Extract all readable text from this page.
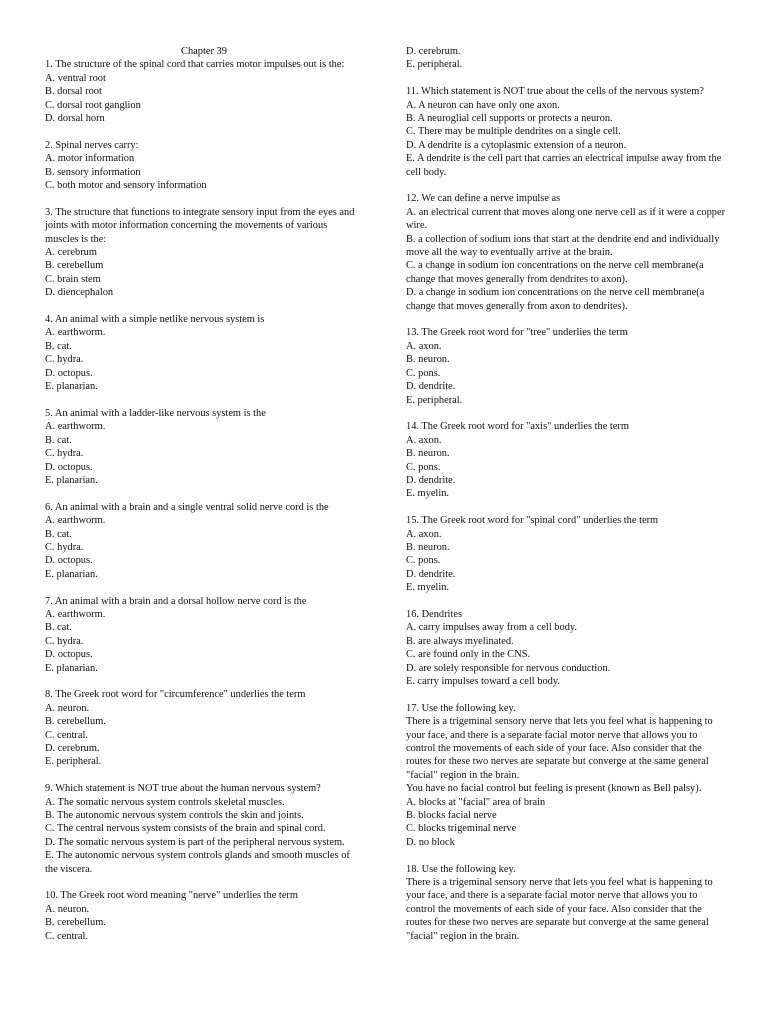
Chapter 39
1. The structure of the spinal cord that carries motor impulses out is the:
A. ventral root
B. dorsal root
C. dorsal root ganglion
D. dorsal horn
2. Spinal nerves carry:
A. motor information
B. sensory information
C. both motor and sensory information
3. The structure that functions to integrate sensory input from the eyes and joints with motor information concerning the movements of various muscles is the:
A. cerebrum
B. cerebellum
C. brain stem
D. diencephalon
4. An animal with a simple netlike nervous system is
A. earthworm.
B. cat.
C. hydra.
D. octopus.
E. planarian.
5. An animal with a ladder-like nervous system is the
A. earthworm.
B. cat.
C. hydra.
D. octopus.
E. planarian.
6. An animal with a brain and a single ventral solid nerve cord is the
A. earthworm.
B. cat.
C. hydra.
D. octopus.
E. planarian.
7. An animal with a brain and a dorsal hollow nerve cord is the
A. earthworm.
B. cat.
C. hydra.
D. octopus.
E. planarian.
8. The Greek root word for "circumference" underlies the term
A. neuron.
B. cerebellum.
C. central.
D. cerebrum.
E. peripheral.
9. Which statement is NOT true about the human nervous system?
A. The somatic nervous system controls skeletal muscles.
B. The autonomic nervous system controls the skin and joints.
C. The central nervous system consists of the brain and spinal cord.
D. The somatic nervous system is part of the peripheral nervous system.
E. The autonomic nervous system controls glands and smooth muscles of the viscera.
10. The Greek root word meaning "nerve" underlies the term
A. neuron.
B. cerebellum.
C. central.
D. cerebrum.
E. peripheral.
11. Which statement is NOT true about the cells of the nervous system?
A. A neuron can have only one axon.
B. A neuroglial cell supports or protects a neuron.
C. There may be multiple dendrites on a single cell.
D. A dendrite is a cytoplasmic extension of a neuron.
E. A dendrite is the cell part that carries an electrical impulse away from the cell body.
12. We can define a nerve impulse as
A. an electrical current that moves along one nerve cell as if it were a copper wire.
B. a collection of sodium ions that start at the dendrite end and individually move all the way to eventually arrive at the brain.
C. a change in sodium ion concentrations on the nerve cell membrane(a change that moves generally from dendrites to axon).
D. a change in sodium ion concentrations on the nerve cell membrane(a change that moves generally from axon to dendrites).
13. The Greek root word for "tree" underlies the term
A. axon.
B. neuron.
C. pons.
D. dendrite.
E. peripheral.
14. The Greek root word for "axis" underlies the term
A. axon.
B. neuron.
C. pons.
D. dendrite.
E. myelin.
15. The Greek root word for "spinal cord" underlies the term
A. axon.
B. neuron.
C. pons.
D. dendrite.
E. myelin.
16. Dendrites
A. carry impulses away from a cell body.
B. are always myelinated.
C. are found only in the CNS.
D. are solely responsible for nervous conduction.
E. carry impulses toward a cell body.
17. Use the following key.
There is a trigeminal sensory nerve that lets you feel what is happening to your face, and there is a separate facial motor nerve that allows you to control the movements of each side of your face. Also consider that the routes for these two nerves are separate but converge at the same general "facial" region in the brain.
You have no facial control but feeling is present (known as Bell palsy).
A. blocks at "facial" area of brain
B. blocks facial nerve
C. blocks trigeminal nerve
D. no block
18. Use the following key.
There is a trigeminal sensory nerve that lets you feel what is happening to your face, and there is a separate facial motor nerve that allows you to control the movements of each side of your face. Also consider that the routes for these two nerves are separate but converge at the same general "facial" region in the brain.
